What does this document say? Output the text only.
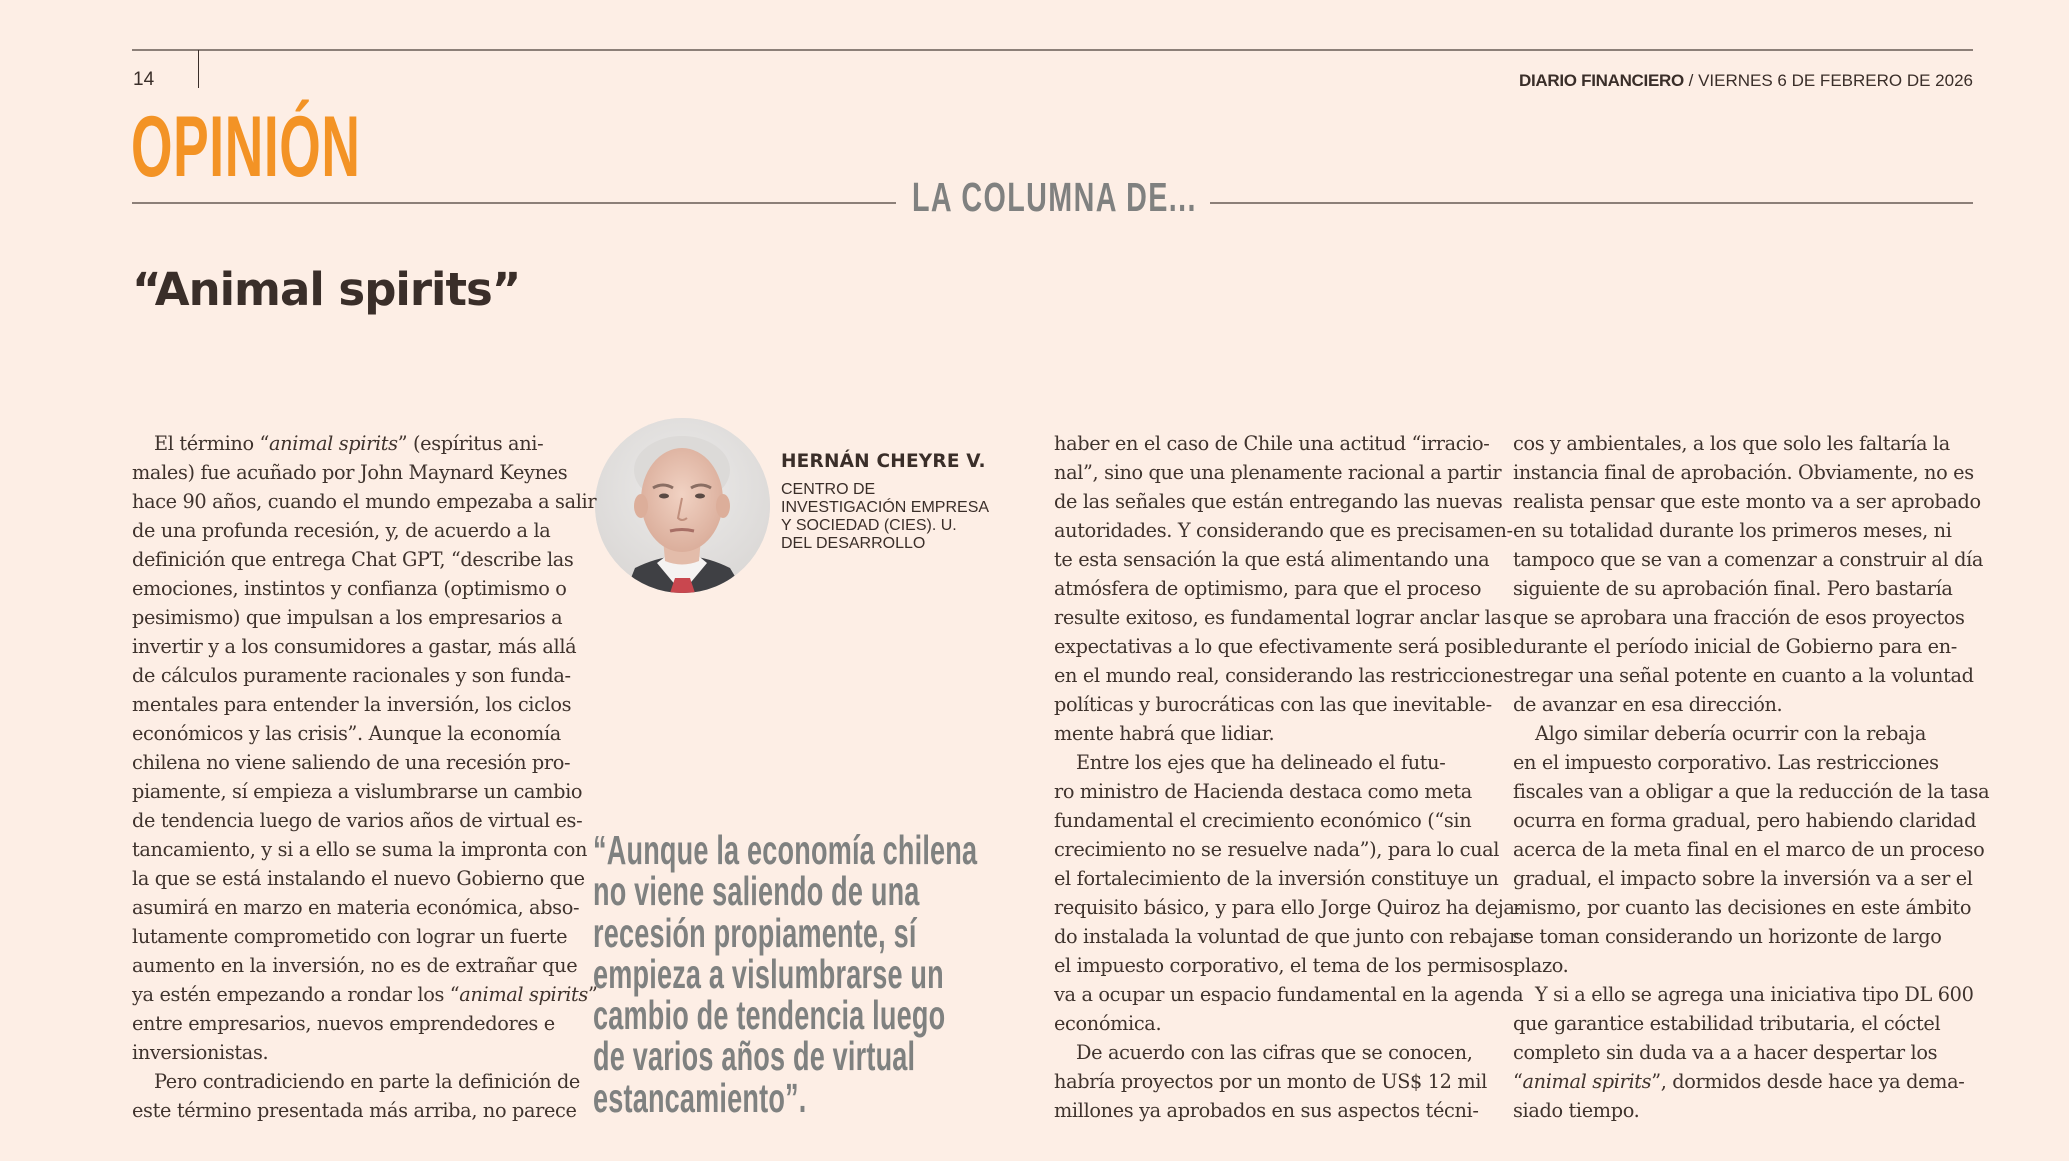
14	DIARIO FINANCIERO / VIERNES 6 DE FEBRERO DE 2026
OPINIÓN
LA COLUMNA DE...
“Animal spirits”
HERNÁN CHEYRE V.
CENTRO DE
INVESTIGACIÓN EMPRESA
Y SOCIEDAD (CIES). U.
DEL DESARROLLO
“Aunque la economía chilena
no viene saliendo de una
recesión propiamente, sí
empieza a vislumbrarse un
cambio de tendencia luego
de varios años de virtual
estancamiento”.
El término “animal spirits” (espíritus ani-
males) fue acuñado por John Maynard Keynes
hace 90 años, cuando el mundo empezaba a salir
de una profunda recesión, y, de acuerdo a la
definición que entrega Chat GPT, “describe las
emociones, instintos y confianza (optimismo o
pesimismo) que impulsan a los empresarios a
invertir y a los consumidores a gastar, más allá
de cálculos puramente racionales y son funda-
mentales para entender la inversión, los ciclos
económicos y las crisis”. Aunque la economía
chilena no viene saliendo de una recesión pro-
piamente, sí empieza a vislumbrarse un cambio
de tendencia luego de varios años de virtual es-
tancamiento, y si a ello se suma la impronta con
la que se está instalando el nuevo Gobierno que
asumirá en marzo en materia económica, abso-
lutamente comprometido con lograr un fuerte
aumento en la inversión, no es de extrañar que
ya estén empezando a rondar los “animal spirits”
entre empresarios, nuevos emprendedores e
inversionistas.
Pero contradiciendo en parte la definición de
este término presentada más arriba, no parece
haber en el caso de Chile una actitud “irracio-
nal”, sino que una plenamente racional a partir
de las señales que están entregando las nuevas
autoridades. Y considerando que es precisamen-
te esta sensación la que está alimentando una
atmósfera de optimismo, para que el proceso
resulte exitoso, es fundamental lograr anclar las
expectativas a lo que efectivamente será posible
en el mundo real, considerando las restricciones
políticas y burocráticas con las que inevitable-
mente habrá que lidiar.
Entre los ejes que ha delineado el futu-
ro ministro de Hacienda destaca como meta
fundamental el crecimiento económico (“sin
crecimiento no se resuelve nada”), para lo cual
el fortalecimiento de la inversión constituye un
requisito básico, y para ello Jorge Quiroz ha deja-
do instalada la voluntad de que junto con rebajar
el impuesto corporativo, el tema de los permisos
va a ocupar un espacio fundamental en la agenda
económica.
De acuerdo con las cifras que se conocen,
habría proyectos por un monto de US$ 12 mil
millones ya aprobados en sus aspectos técni-
cos y ambientales, a los que solo les faltaría la
instancia final de aprobación. Obviamente, no es
realista pensar que este monto va a ser aprobado
en su totalidad durante los primeros meses, ni
tampoco que se van a comenzar a construir al día
siguiente de su aprobación final. Pero bastaría
que se aprobara una fracción de esos proyectos
durante el período inicial de Gobierno para en-
tregar una señal potente en cuanto a la voluntad
de avanzar en esa dirección.
Algo similar debería ocurrir con la rebaja
en el impuesto corporativo. Las restricciones
fiscales van a obligar a que la reducción de la tasa
ocurra en forma gradual, pero habiendo claridad
acerca de la meta final en el marco de un proceso
gradual, el impacto sobre la inversión va a ser el
mismo, por cuanto las decisiones en este ámbito
se toman considerando un horizonte de largo
plazo.
Y si a ello se agrega una iniciativa tipo DL 600
que garantice estabilidad tributaria, el cóctel
completo sin duda va a a hacer despertar los
“animal spirits”, dormidos desde hace ya dema-
siado tiempo.
